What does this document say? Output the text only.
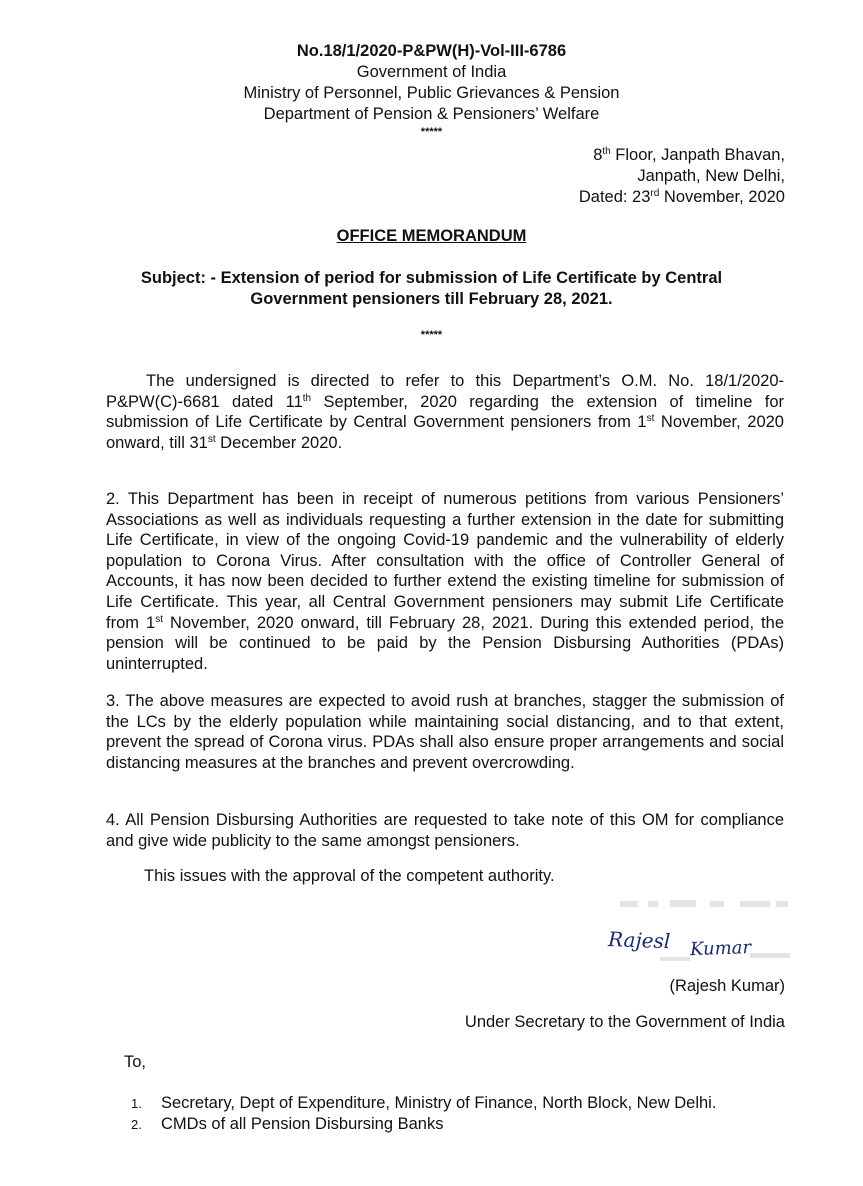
No.18/1/2020-P&PW(H)-Vol-III-6786
Government of India
Ministry of Personnel, Public Grievances & Pension
Department of Pension & Pensioners’ Welfare
*****
8th Floor, Janpath Bhavan,
Janpath, New Delhi,
Dated: 23rd November, 2020
OFFICE MEMORANDUM
Subject: - Extension of period for submission of Life Certificate by Central
Government pensioners till February 28, 2021.
*****
The undersigned is directed to refer to this Department’s O.M. No. 18/1/2020-P&PW(C)-6681 dated 11th September, 2020 regarding the extension of timeline for submission of Life Certificate by Central Government pensioners from 1st November, 2020 onward, till 31st December 2020.
2. This Department has been in receipt of numerous petitions from various Pensioners’ Associations as well as individuals requesting a further extension in the date for submitting Life Certificate, in view of the ongoing Covid-19 pandemic and the vulnerability of elderly population to Corona Virus. After consultation with the office of Controller General of Accounts, it has now been decided to further extend the existing timeline for submission of Life Certificate. This year, all Central Government pensioners may submit Life Certificate from 1st November, 2020 onward, till February 28, 2021. During this extended period, the pension will be continued to be paid by the Pension Disbursing Authorities (PDAs) uninterrupted.
3. The above measures are expected to avoid rush at branches, stagger the submission of the LCs by the elderly population while maintaining social distancing, and to that extent, prevent the spread of Corona virus. PDAs shall also ensure proper arrangements and social distancing measures at the branches and prevent overcrowding.
4. All Pension Disbursing Authorities are requested to take note of this OM for compliance and give wide publicity to the same amongst pensioners.
This issues with the approval of the competent authority.
Rajesl Kumar
(Rajesh Kumar)
Under Secretary to the Government of India
To,
1. Secretary, Dept of Expenditure, Ministry of Finance, North Block, New Delhi.
2. CMDs of all Pension Disbursing Banks
